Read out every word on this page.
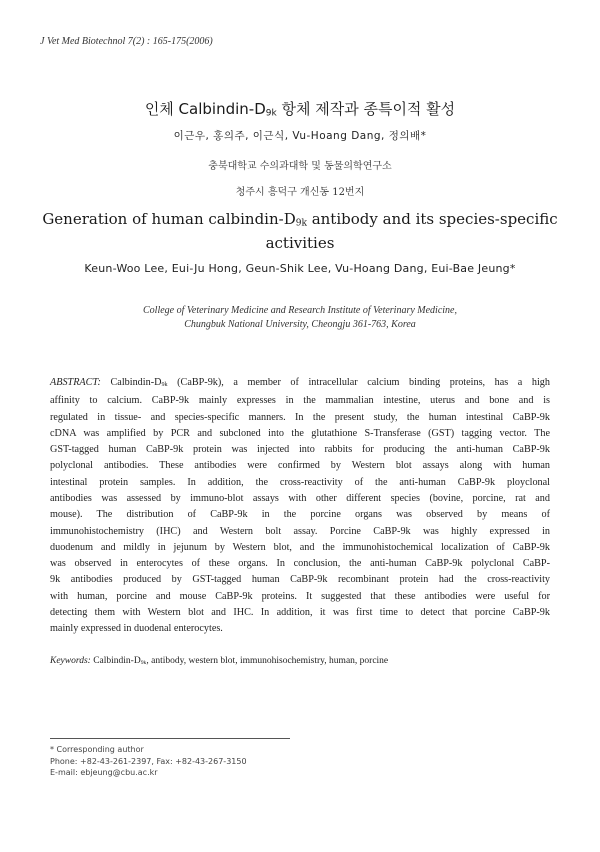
J Vet Med Biotechnol 7(2) : 165-175(2006)
인체 Calbindin-D9k 항체 제작과 종특이적 활성
이근우, 홍의주, 이근식, Vu-Hoang Dang, 정의배*
충북대학교 수의과대학 및 동물의학연구소
청주시 흥덕구 개신동 12번지
Generation of human calbindin-D9k antibody and its species-specific activities
Keun-Woo Lee, Eui-Ju Hong, Geun-Shik Lee, Vu-Hoang Dang, Eui-Bae Jeung*
College of Veterinary Medicine and Research Institute of Veterinary Medicine,
Chungbuk National University, Cheongju 361-763, Korea
ABSTRACT: Calbindin-D9k (CaBP-9k), a member of intracellular calcium binding proteins, has a high
affinity to calcium. CaBP-9k mainly expresses in the mammalian intestine, uterus and bone and is
regulated in tissue- and species-specific manners. In the present study, the human intestinal CaBP-9k
cDNA was amplified by PCR and subcloned into the glutathione S-Transferase (GST) tagging vector. The
GST-tagged human CaBP-9k protein was injected into rabbits for producing the anti-human CaBP-9k
polyclonal antibodies. These antibodies were confirmed by Western blot assays along with human
intestinal protein samples. In addition, the cross-reactivity of the anti-human CaBP-9k ployclonal
antibodies was assessed by immuno-blot assays with other different species (bovine, porcine, rat and
mouse). The distribution of CaBP-9k in the porcine organs was observed by means of
immunohistochemistry (IHC) and Western bolt assay. Porcine CaBP-9k was highly expressed in
duodenum and mildly in jejunum by Western blot, and the immunohistochemical localization of CaBP-9k
was observed in enterocytes of these organs. In conclusion, the anti-human CaBP-9k polyclonal CaBP-
9k antibodies produced by GST-tagged human CaBP-9k recombinant protein had the cross-reactivity
with human, porcine and mouse CaBP-9k proteins. It suggested that these antibodies were useful for
detecting them with Western blot and IHC. In addition, it was first time to detect that porcine CaBP-9k
mainly expressed in duodenal enterocytes.
Keywords: Calbindin-D9k, antibody, western blot, immunohisochemistry, human, porcine
* Corresponding author
Phone: +82-43-261-2397, Fax: +82-43-267-3150
E-mail: ebjeung@cbu.ac.kr
